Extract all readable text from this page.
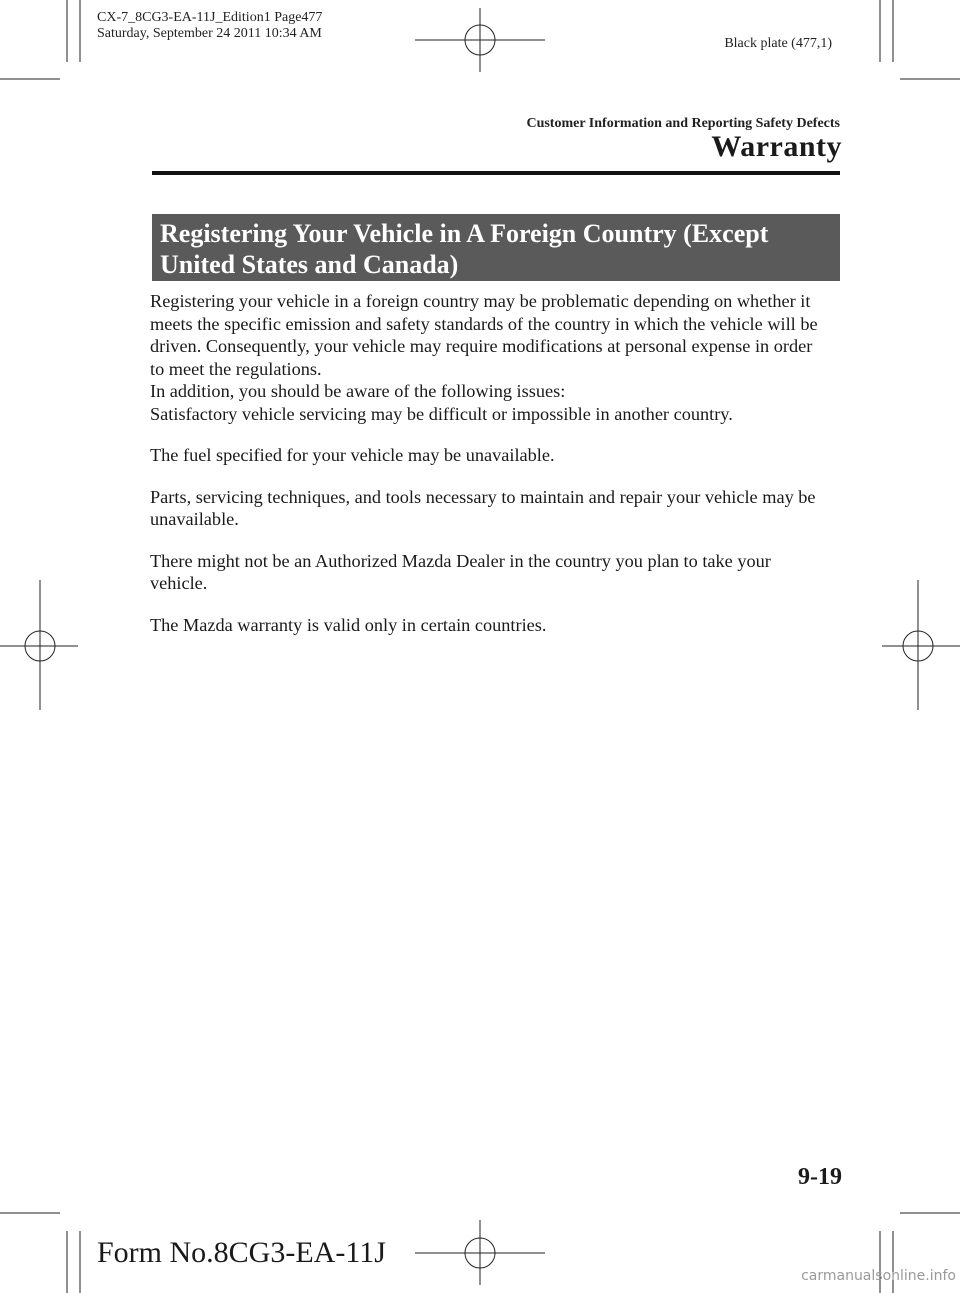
CX-7_8CG3-EA-11J_Edition1 Page477
Saturday, September 24 2011 10:34 AM
Black plate (477,1)
Customer Information and Reporting Safety Defects
Warranty
Registering Your Vehicle in A Foreign Country (Except
United States and Canada)

Registering your vehicle in a foreign country may be problematic depending on whether it
meets the specific emission and safety standards of the country in which the vehicle will be
driven. Consequently, your vehicle may require modifications at personal expense in order
to meet the regulations.

In addition, you should be aware of the following issues:

Satisfactory vehicle servicing may be difficult or impossible in another country.

The fuel specified for your vehicle may be unavailable.

Parts, servicing techniques, and tools necessary to maintain and repair your vehicle may be
unavailable.

There might not be an Authorized Mazda Dealer in the country you plan to take your
vehicle.

The Mazda warranty is valid only in certain countries.

9-19
Form No.8CG3-EA-11J
carmanualsonline.info
